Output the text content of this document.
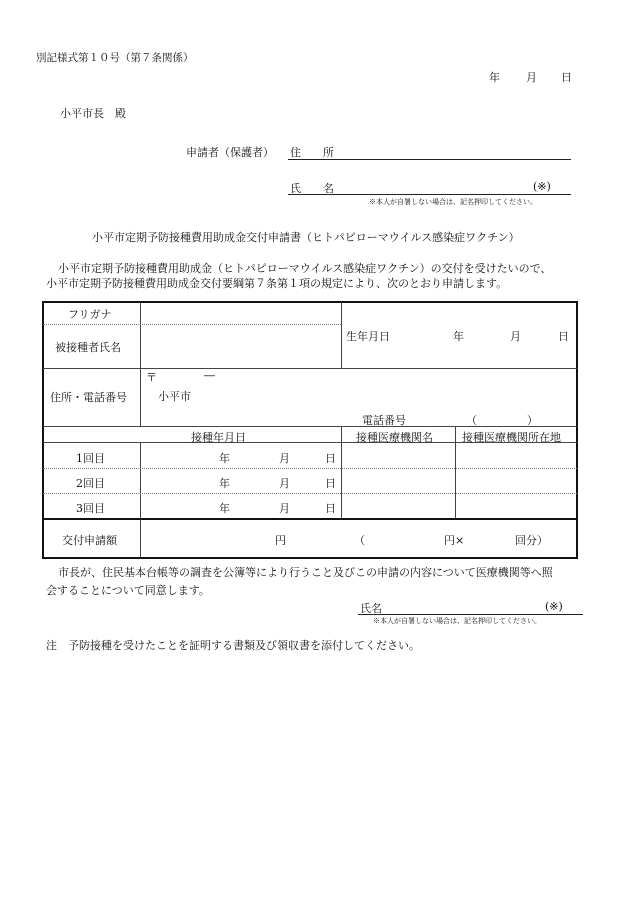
別記様式第１０号（第７条関係）
年 月 日
小平市長　殿
申請者（保護者） 住　　所
氏　　名	(※)
※本人が自署しない場合は、記名押印してください。
小平市定期予防接種費用助成金交付申請書（ヒトパピローマウイルス感染症ワクチン）
小平市定期予防接種費用助成金（ヒトパピローマウイルス感染症ワクチン）の交付を受けたいので、
小平市定期予防接種費用助成金交付要綱第７条第１項の規定により、次のとおり申請します。
フリガナ
被接種者氏名
生年月日	年	月	日
住所・電話番号
〒	―
小平市
電話番号	（	）
接種年月日	接種医療機関名	接種医療機関所在地
1回目	年	月	日
2回目	年	月	日
3回目	年	月	日
交付申請額	円	（	円×	回分）
市長が、住民基本台帳等の調査を公簿等により行うこと及びこの申請の内容について医療機関等へ照
会することについて同意します。
氏名	(※)
※本人が自署しない場合は、記名押印してください。
注　予防接種を受けたことを証明する書類及び領収書を添付してください。
